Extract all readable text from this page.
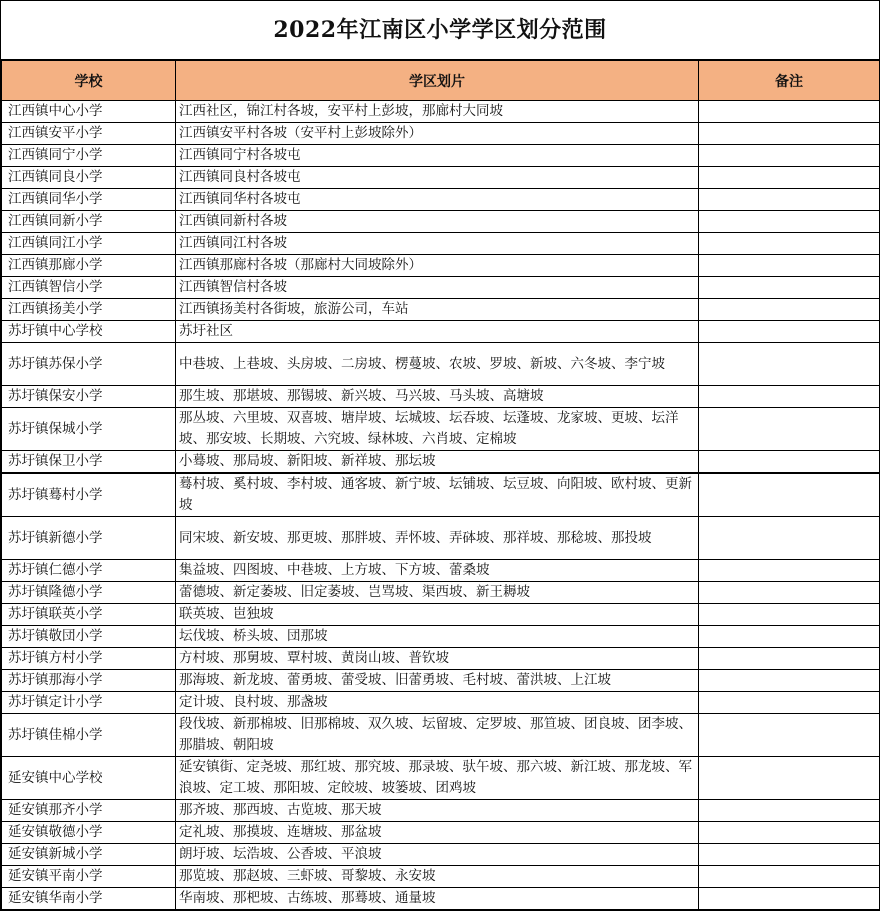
2022年江南区小学学区划分范围
学校	学区划片	备注
江西镇中心小学	江西社区，锦江村各坡，安平村上彭坡，那廊村大同坡	
江西镇安平小学	江西镇安平村各坡（安平村上彭坡除外）	
江西镇同宁小学	江西镇同宁村各坡屯	
江西镇同良小学	江西镇同良村各坡屯	
江西镇同华小学	江西镇同华村各坡屯	
江西镇同新小学	江西镇同新村各坡	
江西镇同江小学	江西镇同江村各坡	
江西镇那廊小学	江西镇那廊村各坡（那廊村大同坡除外）	
江西镇智信小学	江西镇智信村各坡	
江西镇扬美小学	江西镇扬美村各街坡，旅游公司，车站	
苏圩镇中心学校	苏圩社区	
苏圩镇苏保小学	中巷坡、上巷坡、头房坡、二房坡、楞蔓坡、农坡、罗坡、新坡、六冬坡、李宁坡	
苏圩镇保安小学	那生坡、那堪坡、那锡坡、新兴坡、马兴坡、马头坡、高塘坡	
苏圩镇保城小学	那丛坡、六里坡、双喜坡、塘岸坡、坛城坡、坛吞坡、坛蓬坡、龙家坡、更坡、坛洋坡、那安坡、长期坡、六究坡、绿林坡、六肖坡、定棉坡	
苏圩镇保卫小学	小蓦坡、那局坡、新阳坡、新祥坡、那坛坡	
苏圩镇蓦村小学	蓦村坡、奚村坡、李村坡、通客坡、新宁坡、坛铺坡、坛豆坡、向阳坡、欧村坡、更新坡	
苏圩镇新德小学	同宋坡、新安坡、那更坡、那胖坡、弄怀坡、弄砵坡、那祥坡、那稔坡、那投坡	
苏圩镇仁德小学	集益坡、四图坡、中巷坡、上方坡、下方坡、蕾桑坡	
苏圩镇隆德小学	蕾德坡、新定萎坡、旧定萎坡、岂骂坡、渠西坡、新王耨坡	
苏圩镇联英小学	联英坡、岜独坡	
苏圩镇敬団小学	坛伐坡、桥头坡、団那坡	
苏圩镇方村小学	方村坡、那舅坡、覃村坡、黄岗山坡、普钦坡	
苏圩镇那海小学	那海坡、新龙坡、蕾勇坡、蕾受坡、旧蕾勇坡、毛村坡、蕾洪坡、上江坡	
苏圩镇定计小学	定计坡、良村坡、那盏坡	
苏圩镇佳棉小学	段伐坡、新那棉坡、旧那棉坡、双久坡、坛留坡、定罗坡、那笪坡、团良坡、团李坡、那腊坡、朝阳坡	
延安镇中心学校	延安镇街、定尧坡、那红坡、那究坡、那录坡、驮午坡、那六坡、新江坡、那龙坡、军浪坡、定工坡、那阳坡、定皎坡、坡篓坡、团鸡坡	
延安镇那齐小学	那齐坡、那西坡、古览坡、那天坡	
延安镇敬德小学	定礼坡、那摸坡、连塘坡、那盆坡	
延安镇新城小学	朗圩坡、坛浩坡、公香坡、平浪坡	
延安镇平南小学	那览坡、那赵坡、三虾坡、哥黎坡、永安坡	
延安镇华南小学	华南坡、那杷坡、古练坡、那蓦坡、通量坡	
